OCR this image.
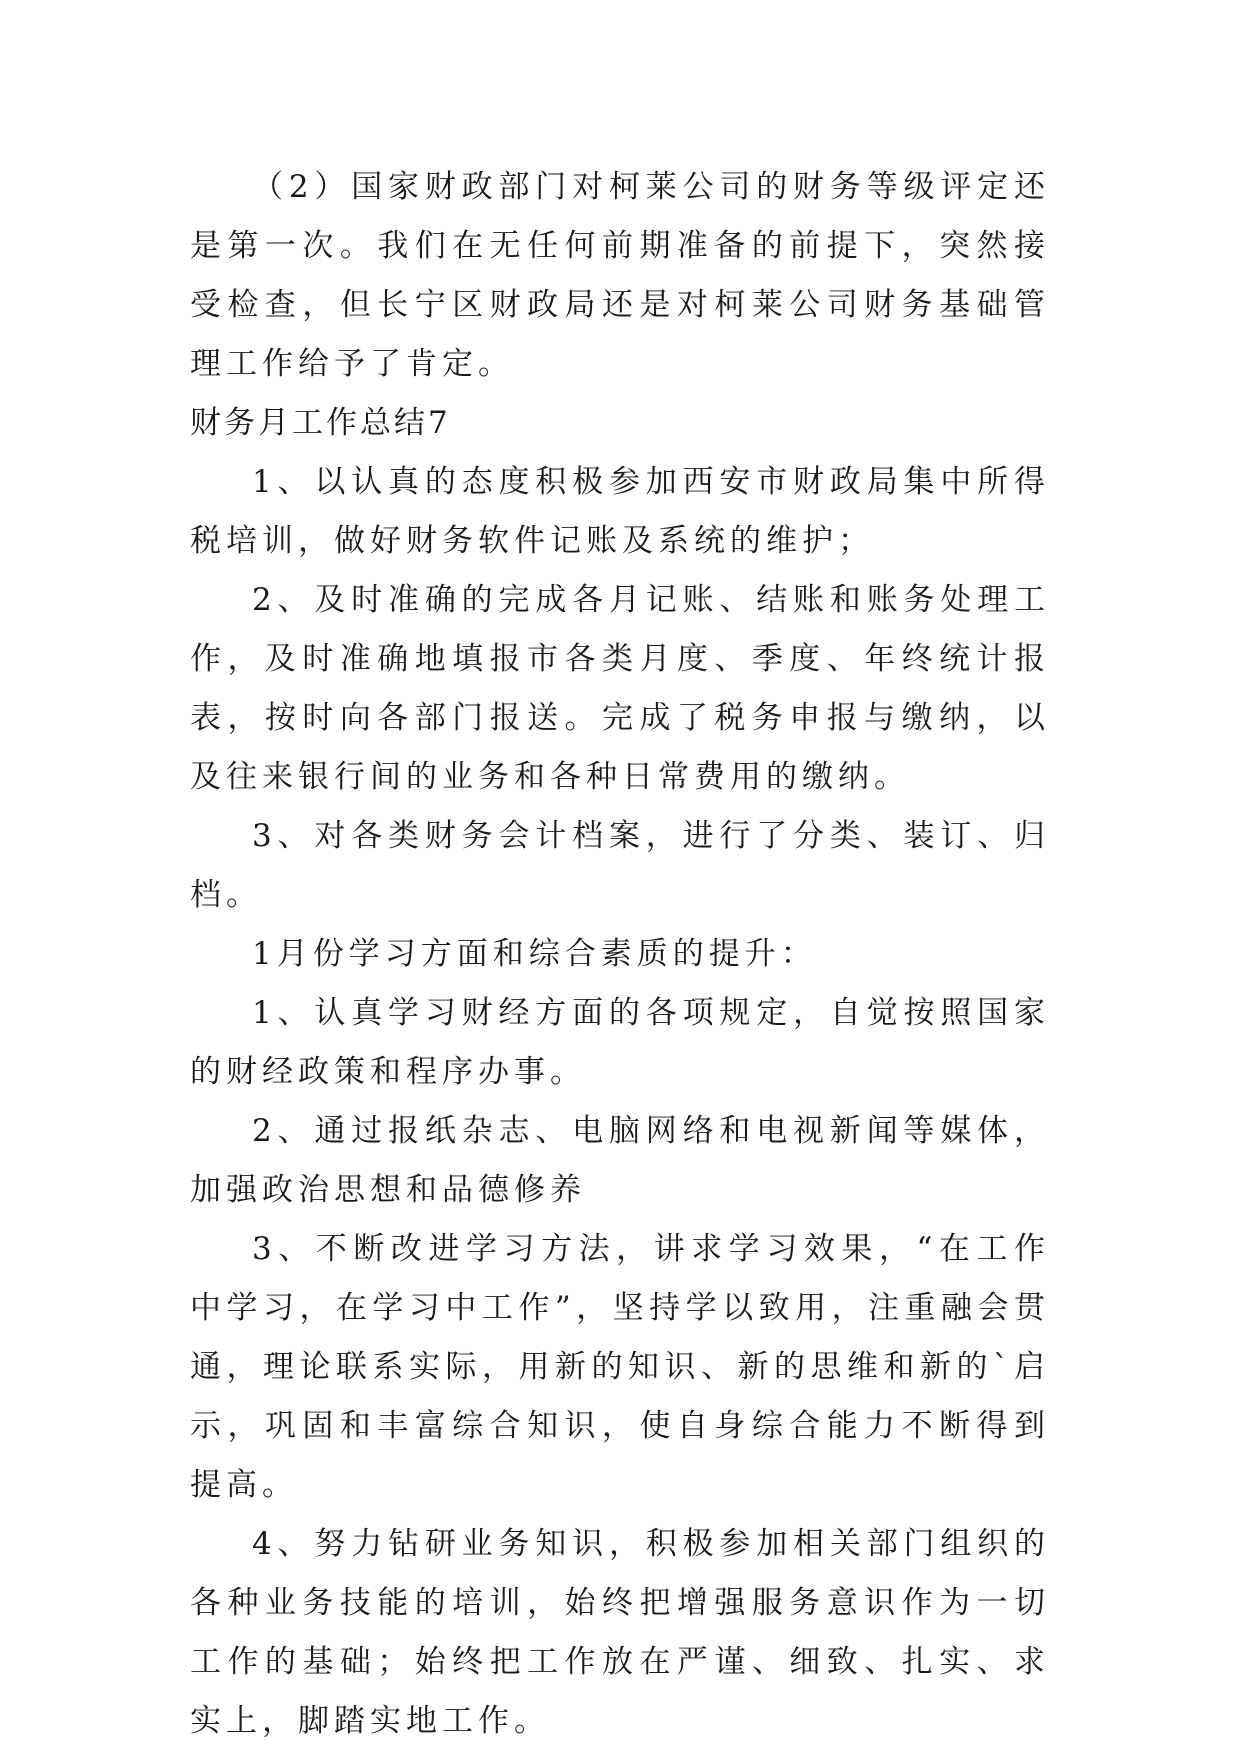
（2）国家财政部门对柯莱公司的财务等级评定还是第一次。我们在无任何前期准备的前提下，突然接受检查，但长宁区财政局还是对柯莱公司财务基础管理工作给予了肯定。

财务月工作总结7

1、以认真的态度积极参加西安市财政局集中所得税培训，做好财务软件记账及系统的维护；

2、及时准确的完成各月记账、结账和账务处理工作，及时准确地填报市各类月度、季度、年终统计报表，按时向各部门报送。完成了税务申报与缴纳，以及往来银行间的业务和各种日常费用的缴纳。

3、对各类财务会计档案，进行了分类、装订、归档。

1月份学习方面和综合素质的提升：

1、认真学习财经方面的各项规定，自觉按照国家的财经政策和程序办事。

2、通过报纸杂志、电脑网络和电视新闻等媒体，加强政治思想和品德修养

3、不断改进学习方法，讲求学习效果，“在工作中学习，在学习中工作”，坚持学以致用，注重融会贯通，理论联系实际，用新的知识、新的思维和新的`启示，巩固和丰富综合知识，使自身综合能力不断得到提高。

4、努力钻研业务知识，积极参加相关部门组织的各种业务技能的培训，始终把增强服务意识作为一切工作的基础；始终把工作放在严谨、细致、扎实、求实上，脚踏实地工作。
